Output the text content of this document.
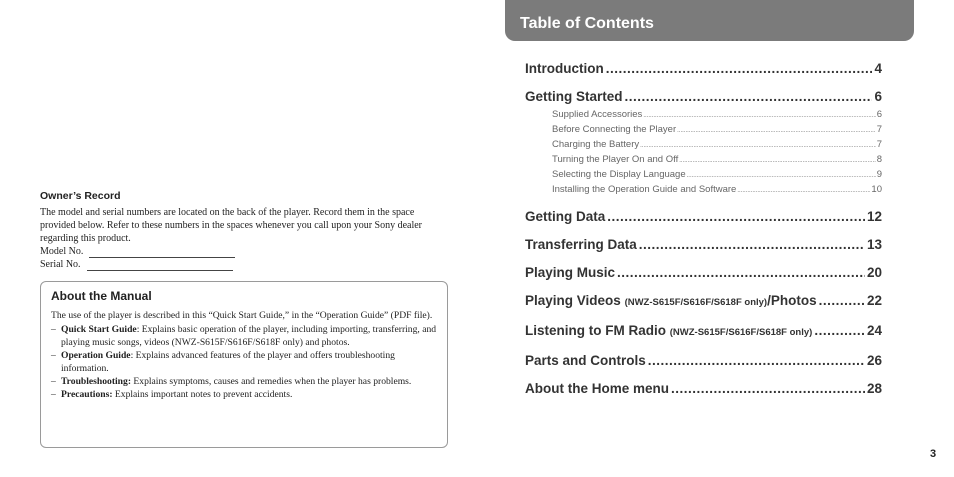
Owner’s Record

The model and serial numbers are located on the back of the player. Record them in the space provided below. Refer to these numbers in the spaces whenever you call upon your Sony dealer regarding this product.

Model No.
Serial No.
About the Manual

The use of the player is described in this “Quick Start Guide,” in the “Operation Guide” (PDF file).

– Quick Start Guide: Explains basic operation of the player, including importing, transferring, and playing music songs, videos (NWZ-S615F/S616F/S618F only) and photos.
– Operation Guide: Explains advanced features of the player and offers troubleshooting information.
– Troubleshooting: Explains symptoms, causes and remedies when the player has problems.
– Precautions: Explains important notes to prevent accidents.
Table of Contents
Introduction .....	4
Getting Started .....	6
Supplied Accessories .....	6
Before Connecting the Player .....	7
Charging the Battery .....	7
Turning the Player On and Off .....	8
Selecting the Display Language .....	9
Installing the Operation Guide and Software .....	10
Getting Data .....	12
Transferring Data .....	13
Playing Music .....	20
Playing Videos (NWZ-S615F/S616F/S618F only)/Photos .....	22
Listening to FM Radio (NWZ-S615F/S616F/S618F only) .....	24
Parts and Controls .....	26
About the Home menu .....	28
3
